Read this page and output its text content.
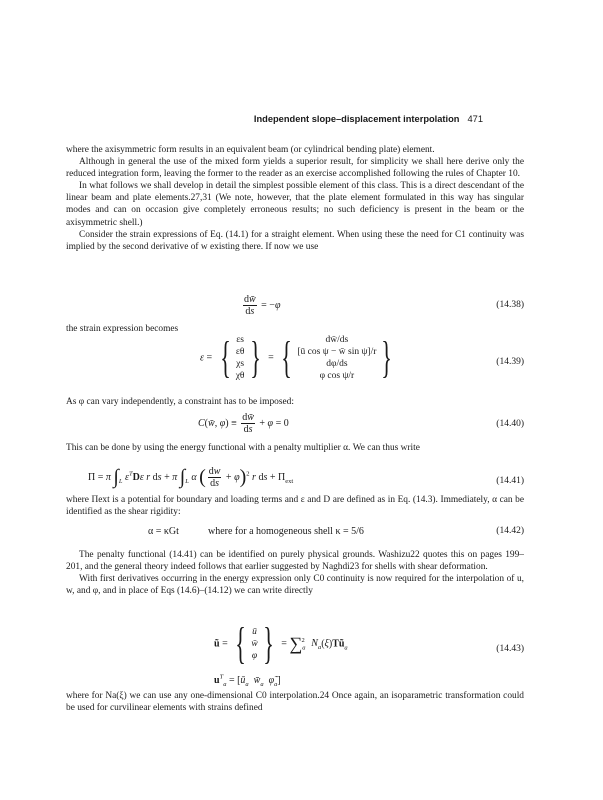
Independent slope–displacement interpolation 471

where the axisymmetric form results in an equivalent beam (or cylindrical bending plate) element.

Although in general the use of the mixed form yields a superior result, for simplicity we shall here derive only the reduced integration form, leaving the former to the reader as an exercise accomplished following the rules of Chapter 10.

In what follows we shall develop in detail the simplest possible element of this class. This is a direct descendant of the linear beam and plate elements.27,31 (We note, however, that the plate element formulated in this way has singular modes and can on occasion give completely erroneous results; no such deficiency is present in the beam or the axisymmetric shell.)

Consider the strain expressions of Eq. (14.1) for a straight element. When using these the need for C1 continuity was implied by the second derivative of w existing there. If now we use

$\frac{dw̄}{ds} = -\varphi$	(14.38)

the strain expression becomes

ε = { εs
εθ
χs
χθ } = {	dw̄/ds
[ū cos ψ − w̄ sin ψ]/r
dφ/ds
φ cos ψ/r }	(14.39)

As φ can vary independently, a constraint has to be imposed:

C(w̄, $\varphi) \equiv \frac{dw̄}{ds} + \varphi = 0$	(14.40)

This can be done by using the energy functional with a penalty multiplier α. We can thus write

Π = π $\int_L$ $\varepsilon^TD\varepsilon$ r ds + π $\int_L$ α ( $\frac{dw}{ds} + \varphi)^2$ r ds + $\Pi_{ext}$	(14.41)

where Πext is a potential for boundary and loading terms and ε and D are defined as in Eq. (14.3). Immediately, α can be identified as the shear rigidity:

α = κGt	where for a homogeneous shell κ = 5/6	(14.42)

The penalty functional (14.41) can be identified on purely physical grounds. Washizu22 quotes this on pages 199–201, and the general theory indeed follows that earlier suggested by Naghdi23 for shells with shear deformation.

With first derivatives occurring in the energy expression only C0 continuity is now required for the interpolation of u, w, and φ, and in place of Eqs (14.6)–(14.12) we can write directly

ũ = { ū
w̄
φ } = $\sum_a^2$ $N_a(\xi)Tũ_a$
$u^T_a$ = [$ū_a$ $w̄_a$ $\varphĩ_a$]
(14.43)

where for Na(ξ) we can use any one-dimensional C0 interpolation.24 Once again, an isoparametric transformation could be used for curvilinear elements with strains defined
